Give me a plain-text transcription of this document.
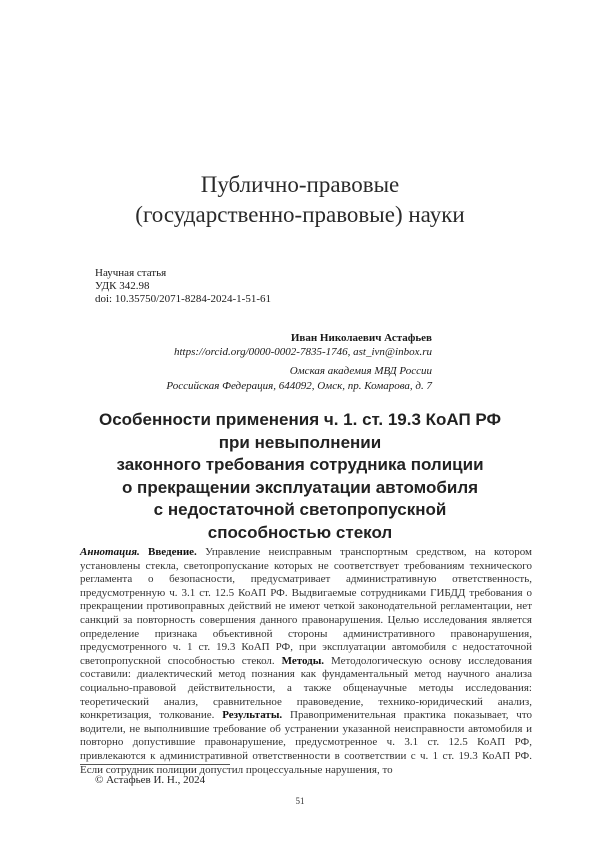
Публично-правовые
(государственно-правовые) науки
Научная статья
УДК 342.98
doi: 10.35750/2071-8284-2024-1-51-61
Иван Николаевич Астафьев
https://orcid.org/0000-0002-7835-1746, ast_ivn@inbox.ru
Омская академия МВД России
Российская Федерация, 644092, Омск, пр. Комарова, д. 7
Особенности применения ч. 1. ст. 19.3 КоАП РФ
при невыполнении
законного требования сотрудника полиции
о прекращении эксплуатации автомобиля
с недостаточной светопропускной
способностью стекол
Аннотация. Введение. Управление неисправным транспортным средством, на котором установлены стекла, светопропускание которых не соответствует требованиям технического регламента о безопасности, предусматривает административную ответственность, предусмотренную ч. 3.1 ст. 12.5 КоАП РФ. Выдвигаемые сотрудниками ГИБДД требования о прекращении противоправных действий не имеют четкой законодательной регламентации, нет санкций за повторность совершения данного правонарушения. Целью исследования является определение признака объективной стороны административного правонарушения, предусмотренного ч. 1 ст. 19.3 КоАП РФ, при эксплуатации автомобиля с недостаточной светопропускной способностью стекол. Методы. Методологическую основу исследования составили: диалектический метод познания как фундаментальный метод научного анализа социально-правовой действительности, а также общенаучные методы исследования: теоретический анализ, сравнительное правоведение, технико-юридический анализ, конкретизация, толкование. Результаты. Правоприменительная практика показывает, что водители, не выполнившие требование об устранении указанной неисправности автомобиля и повторно допустившие правонарушение, предусмотренное ч. 3.1 ст. 12.5 КоАП РФ, привлекаются к административной ответственности в соответствии с ч. 1 ст. 19.3 КоАП РФ. Если сотрудник полиции допустил процессуальные нарушения, то
© Астафьев И. Н., 2024
51
